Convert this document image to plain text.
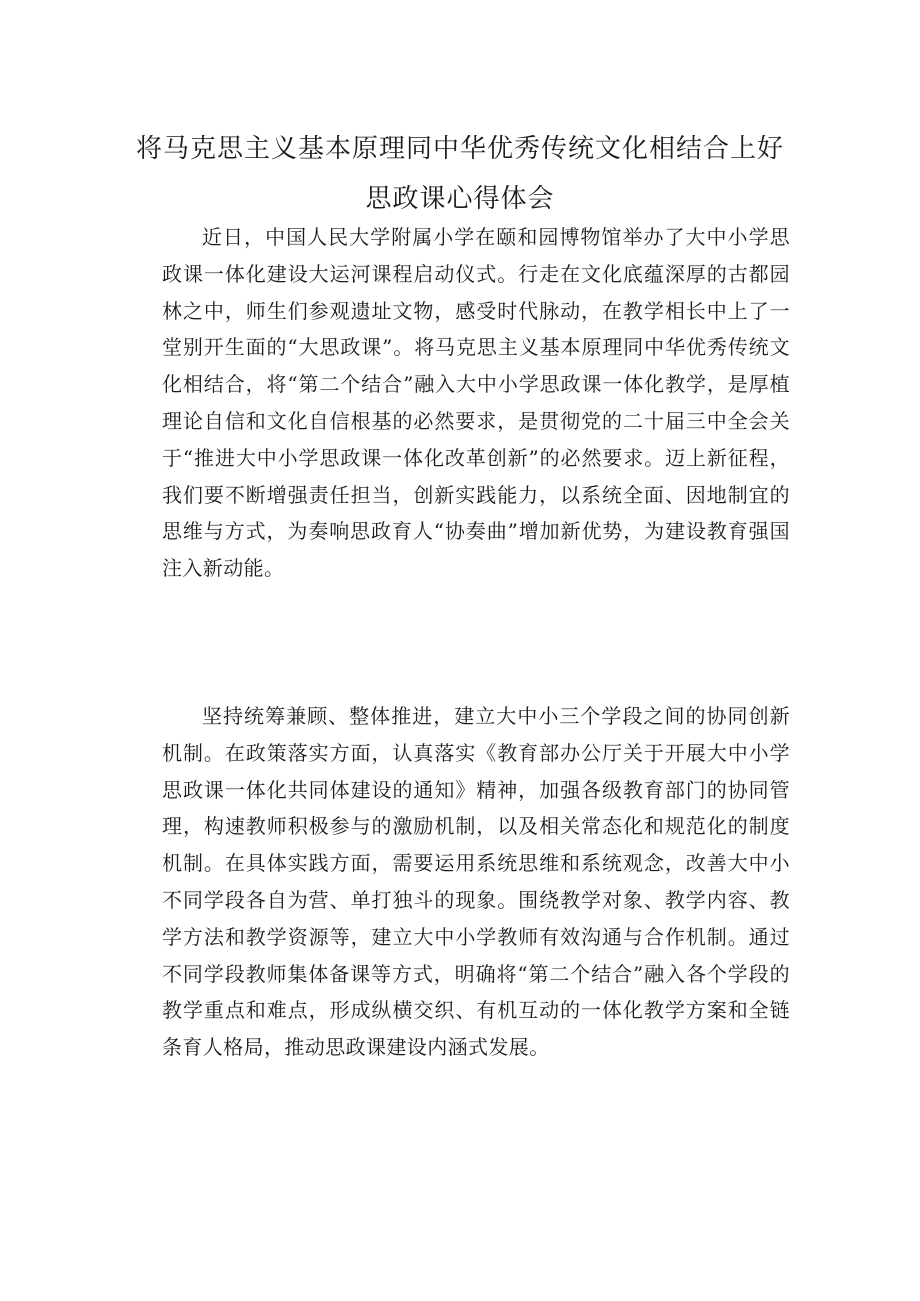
将马克思主义基本原理同中华优秀传统文化相结合上好思政课心得体会

近日，中国人民大学附属小学在颐和园博物馆举办了大中小学思政课一体化建设大运河课程启动仪式。行走在文化底蕴深厚的古都园林之中，师生们参观遗址文物，感受时代脉动，在教学相长中上了一堂别开生面的“大思政课”。将马克思主义基本原理同中华优秀传统文化相结合，将“第二个结合”融入大中小学思政课一体化教学，是厚植理论自信和文化自信根基的必然要求，是贯彻党的二十届三中全会关于“推进大中小学思政课一体化改革创新”的必然要求。迈上新征程，我们要不断增强责任担当，创新实践能力，以系统全面、因地制宜的思维与方式，为奏响思政育人“协奏曲”增加新优势，为建设教育强国注入新动能。

坚持统筹兼顾、整体推进，建立大中小三个学段之间的协同创新机制。在政策落实方面，认真落实《教育部办公厅关于开展大中小学思政课一体化共同体建设的通知》精神，加强各级教育部门的协同管理，构速教师积极参与的激励机制，以及相关常态化和规范化的制度机制。在具体实践方面，需要运用系统思维和系统观念，改善大中小不同学段各自为营、单打独斗的现象。围绕教学对象、教学内容、教学方法和教学资源等，建立大中小学教师有效沟通与合作机制。通过不同学段教师集体备课等方式，明确将“第二个结合”融入各个学段的教学重点和难点，形成纵横交织、有机互动的一体化教学方案和全链条育人格局，推动思政课建设内涵式发展。
